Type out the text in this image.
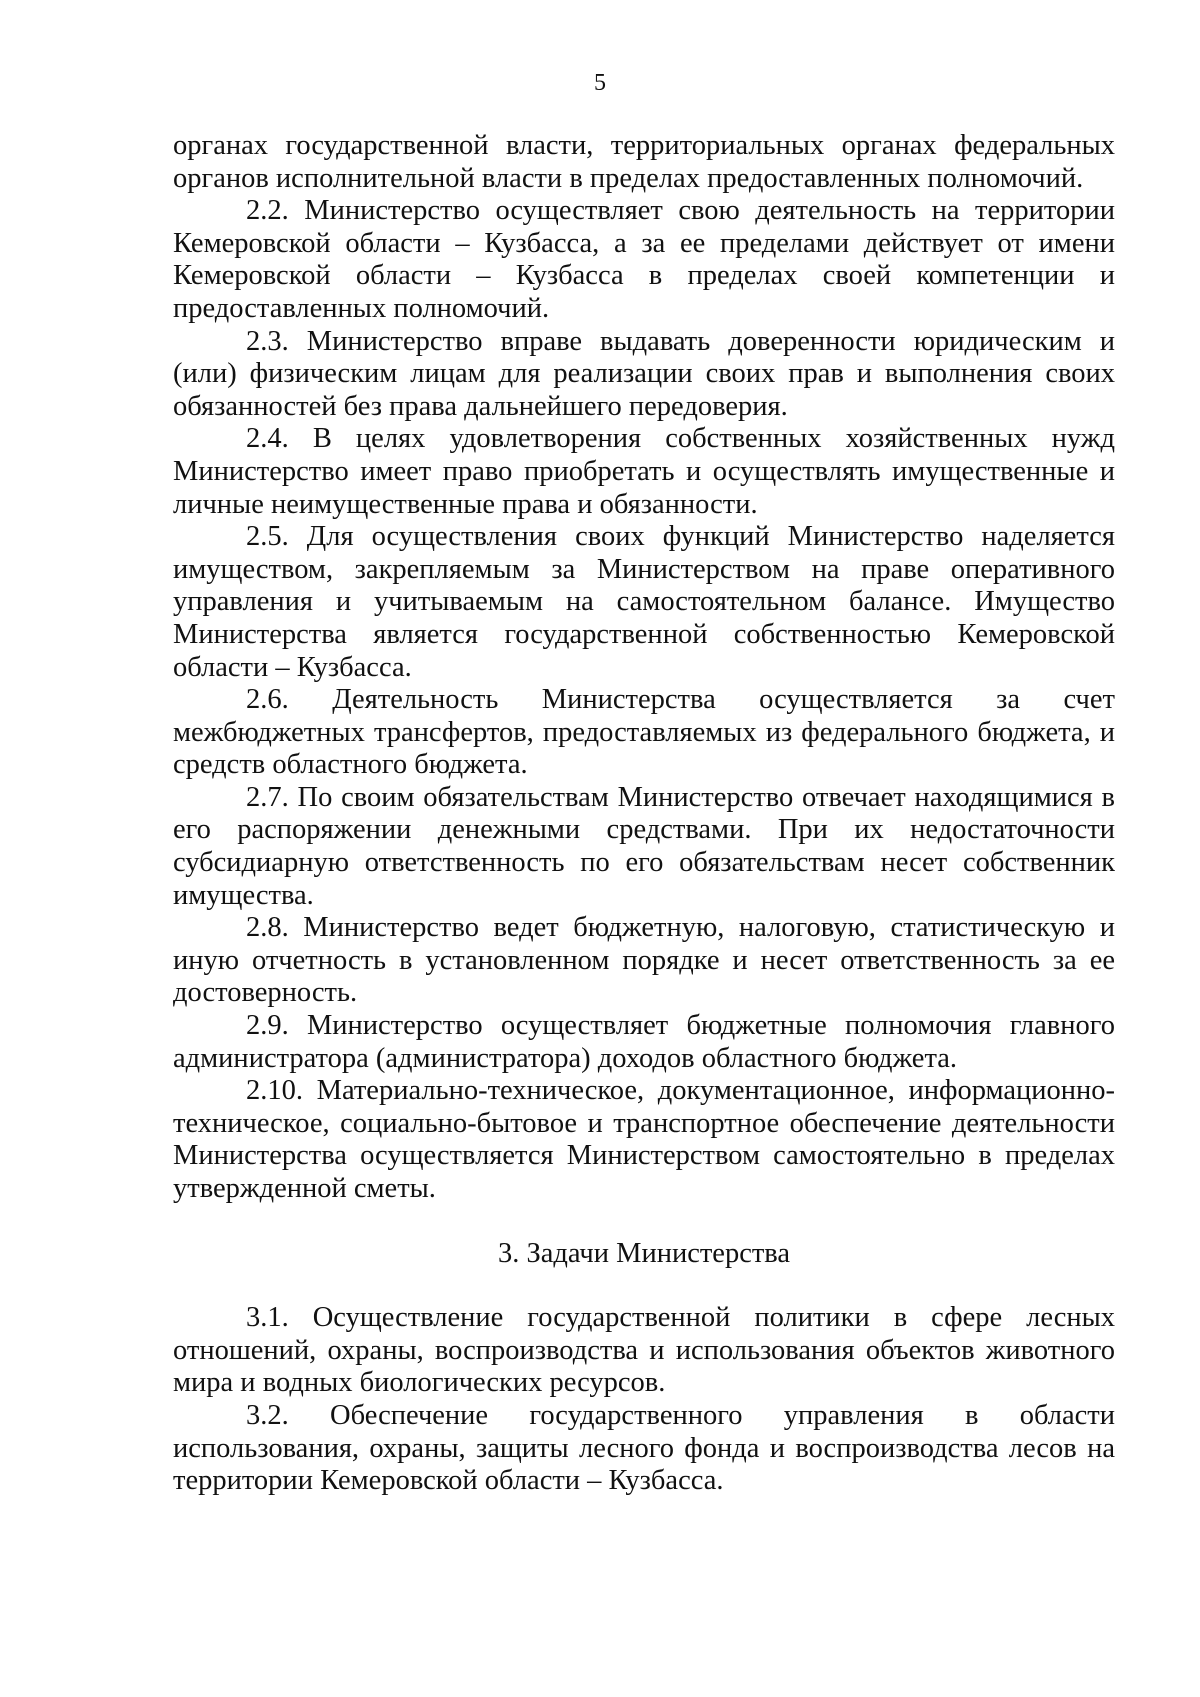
5

органах государственной власти, территориальных органах федеральных органов исполнительной власти в пределах предоставленных полномочий.

2.2. Министерство осуществляет свою деятельность на территории Кемеровской области – Кузбасса, а за ее пределами действует от имени Кемеровской области – Кузбасса в пределах своей компетенции и предоставленных полномочий.

2.3. Министерство вправе выдавать доверенности юридическим и (или) физическим лицам для реализации своих прав и выполнения своих обязанностей без права дальнейшего передоверия.

2.4. В целях удовлетворения собственных хозяйственных нужд Министерство имеет право приобретать и осуществлять имущественные и личные неимущественные права и обязанности.

2.5. Для осуществления своих функций Министерство наделяется имуществом, закрепляемым за Министерством на праве оперативного управления и учитываемым на самостоятельном балансе. Имущество Министерства является государственной собственностью Кемеровской области – Кузбасса.

2.6. Деятельность Министерства осуществляется за счет межбюджетных трансфертов, предоставляемых из федерального бюджета, и средств областного бюджета.

2.7. По своим обязательствам Министерство отвечает находящимися в его распоряжении денежными средствами. При их недостаточности субсидиарную ответственность по его обязательствам несет собственник имущества.

2.8. Министерство ведет бюджетную, налоговую, статистическую и иную отчетность в установленном порядке и несет ответственность за ее достоверность.

2.9. Министерство осуществляет бюджетные полномочия главного администратора (администратора) доходов областного бюджета.

2.10. Материально-техническое, документационное, информационно-техническое, социально-бытовое и транспортное обеспечение деятельности Министерства осуществляется Министерством самостоятельно в пределах утвержденной сметы.

3. Задачи Министерства

3.1. Осуществление государственной политики в сфере лесных отношений, охраны, воспроизводства и использования объектов животного мира и водных биологических ресурсов.

3.2. Обеспечение государственного управления в области использования, охраны, защиты лесного фонда и воспроизводства лесов на территории Кемеровской области – Кузбасса.
